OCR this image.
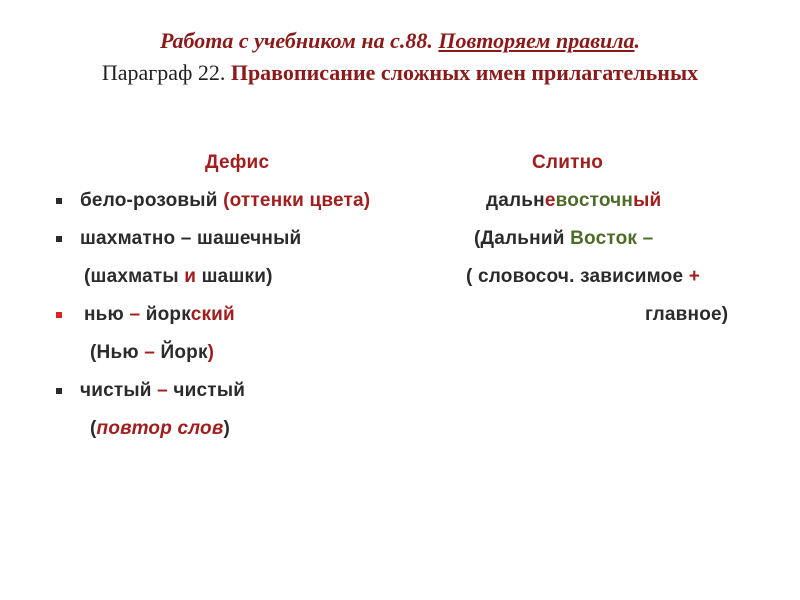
Работа с учебником на с.88. Повторяем правила.
Параграф 22. Правописание сложных имен прилагательных
Дефис	Слитно
бело-розовый (оттенки цвета)
шахматно – шашечный
(шахматы и шашки)
нью – йоркский
(Нью – Йорк)
чистый – чистый
(повтор слов)
дальневосточный
(Дальний Восток –
( словосоч. зависимое +
главное)
